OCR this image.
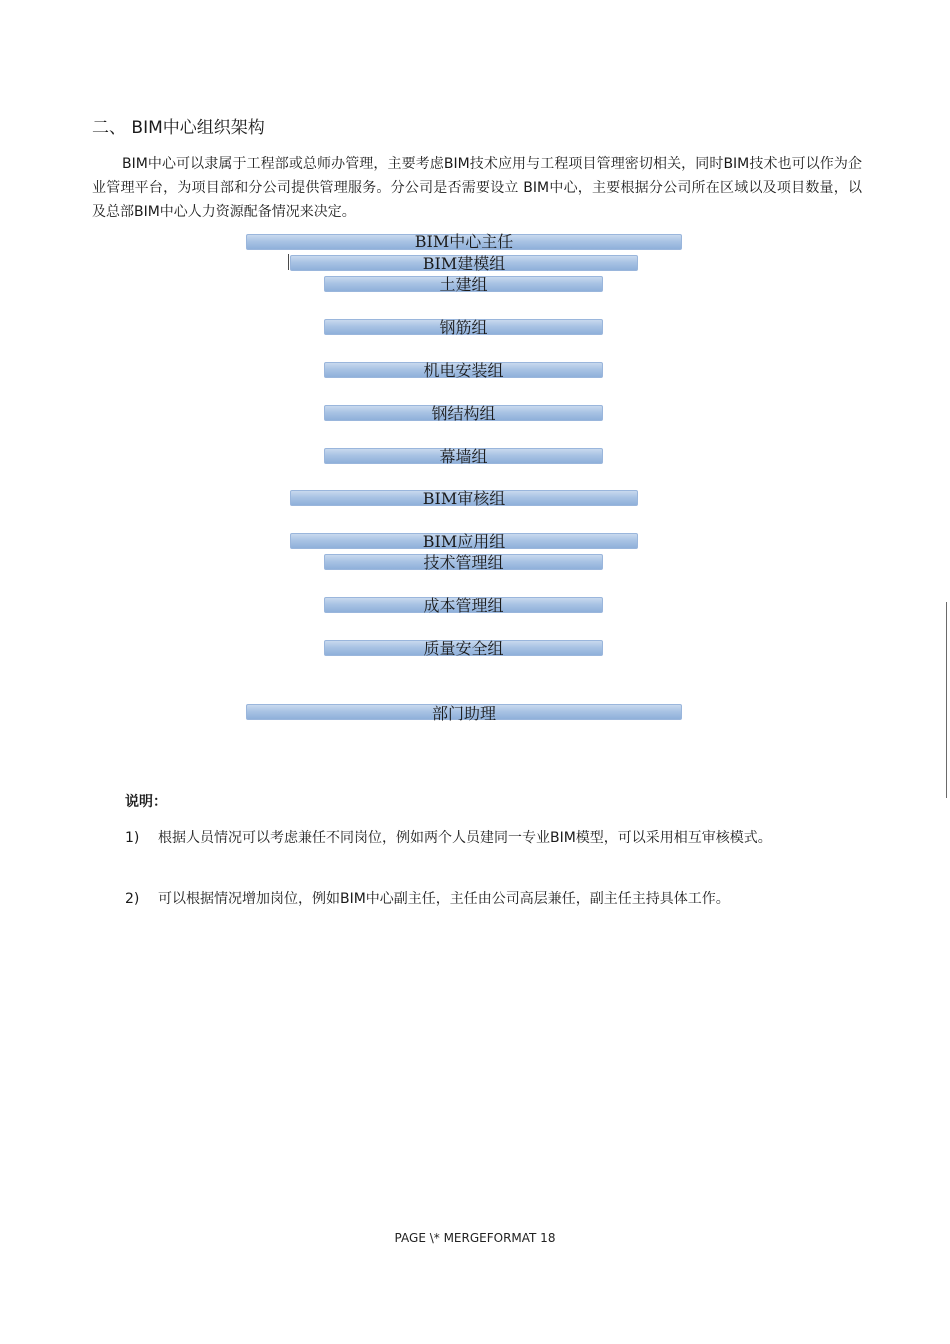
二、 BIM中心组织架构
BIM中心可以隶属于工程部或总师办管理，主要考虑BIM技术应用与工程项目管理密切相关，同时BIM技术也可以作为企业管理平台，为项目部和分公司提供管理服务。分公司是否需要设立 BIM中心，主要根据分公司所在区域以及项目数量，以及总部BIM中心人力资源配备情况来决定。
BIM中心主任
BIM建模组
土建组
钢筋组
机电安装组
钢结构组
幕墙组
BIM审核组
BIM应用组
技术管理组
成本管理组
质量安全组
部门助理
说明：
1) 根据人员情况可以考虑兼任不同岗位，例如两个人员建同一专业BIM模型，可以采用相互审核模式。
2) 可以根据情况增加岗位，例如BIM中心副主任，主任由公司高层兼任，副主任主持具体工作。
PAGE \* MERGEFORMAT 18
